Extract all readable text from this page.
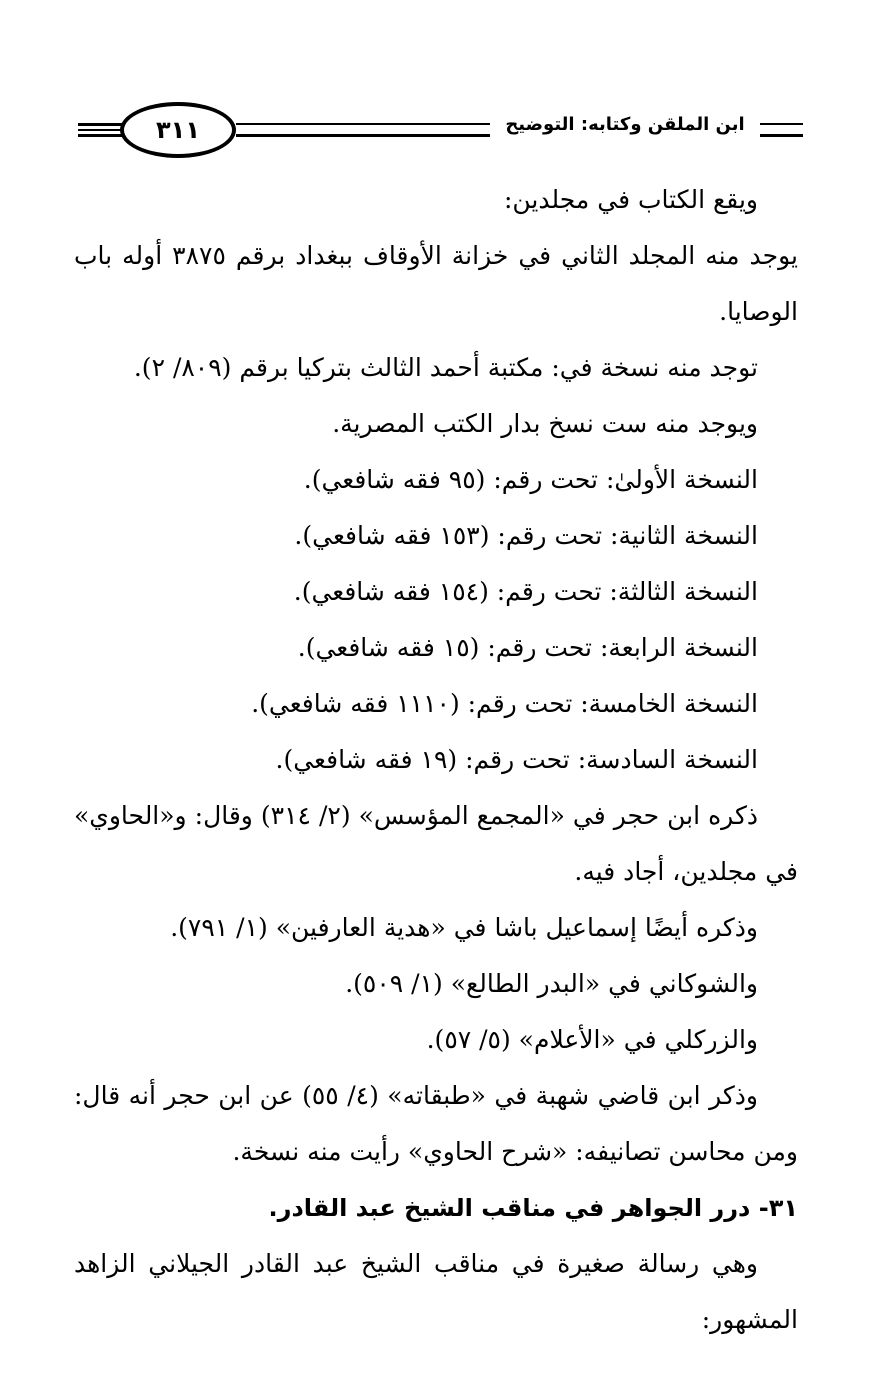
٣١١	ابن الملقن وكتابه: التوضيح

ويقع الكتاب في مجلدين:

يوجد منه المجلد الثاني في خزانة الأوقاف ببغداد برقم ٣٨٧٥ أوله باب الوصايا.

توجد منه نسخة في: مكتبة أحمد الثالث بتركيا برقم (٨٠٩/ ٢).

ويوجد منه ست نسخ بدار الكتب المصرية.

النسخة الأولىٰ: تحت رقم: (٩٥ فقه شافعي).

النسخة الثانية: تحت رقم: (١٥٣ فقه شافعي).

النسخة الثالثة: تحت رقم: (١٥٤ فقه شافعي).

النسخة الرابعة: تحت رقم: (١٥ فقه شافعي).

النسخة الخامسة: تحت رقم: (١١١٠ فقه شافعي).

النسخة السادسة: تحت رقم: (١٩ فقه شافعي).

ذكره ابن حجر في «المجمع المؤسس» (٢/ ٣١٤) وقال: و«الحاوي» في مجلدين، أجاد فيه.

وذكره أيضًا إسماعيل باشا في «هدية العارفين» (١/ ٧٩١).

والشوكاني في «البدر الطالع» (١/ ٥٠٩).

والزركلي في «الأعلام» (٥/ ٥٧).

وذكر ابن قاضي شهبة في «طبقاته» (٤/ ٥٥) عن ابن حجر أنه قال: ومن محاسن تصانيفه: «شرح الحاوي» رأيت منه نسخة.

٣١- درر الجواهر في مناقب الشيخ عبد القادر.

وهي رسالة صغيرة في مناقب الشيخ عبد القادر الجيلاني الزاهد المشهور:
